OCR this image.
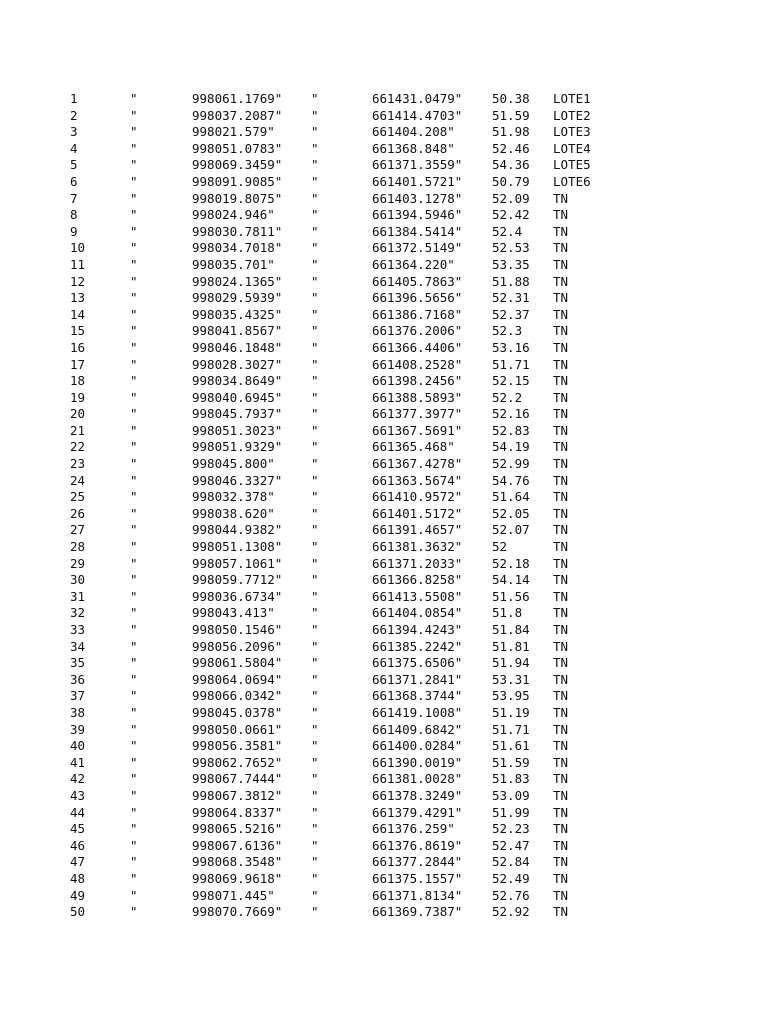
1	"	998061.1769" "	661431.0479" 50.38 LOTE1
2	"	998037.2087" "	661414.4703" 51.59 LOTE2
3	"	998021.579"	"	661404.208"	51.98 LOTE3
4	"	998051.0783" "	661368.848"	52.46 LOTE4
5	"	998069.3459" "	661371.3559" 54.36 LOTE5
6	"	998091.9085" "	661401.5721" 50.79 LOTE6
7	"	998019.8075" "	661403.1278" 52.09 TN
8	"	998024.946"	"	661394.5946" 52.42 TN
9	"	998030.7811" "	661384.5414" 52.4 TN
10	"	998034.7018" "	661372.5149" 52.53 TN
11	"	998035.701"	"	661364.220"	53.35 TN
12	"	998024.1365" "	661405.7863" 51.88 TN
13	"	998029.5939" "	661396.5656" 52.31 TN
14	"	998035.4325" "	661386.7168" 52.37 TN
15	"	998041.8567" "	661376.2006" 52.3 TN
16	"	998046.1848" "	661366.4406" 53.16 TN
17	"	998028.3027" "	661408.2528" 51.71 TN
18	"	998034.8649" "	661398.2456" 52.15 TN
19	"	998040.6945" "	661388.5893" 52.2 TN
20	"	998045.7937" "	661377.3977" 52.16 TN
21	"	998051.3023" "	661367.5691" 52.83 TN
22	"	998051.9329" "	661365.468"	54.19 TN
23	"	998045.800"	"	661367.4278" 52.99 TN
24	"	998046.3327" "	661363.5674" 54.76 TN
25	"	998032.378"	"	661410.9572" 51.64 TN
26	"	998038.620"	"	661401.5172" 52.05 TN
27	"	998044.9382" "	661391.4657" 52.07 TN
28	"	998051.1308" "	661381.3632" 52	TN
29	"	998057.1061" "	661371.2033" 52.18 TN
30	"	998059.7712" "	661366.8258" 54.14 TN
31	"	998036.6734" "	661413.5508" 51.56 TN
32	"	998043.413"	"	661404.0854" 51.8 TN
33	"	998050.1546" "	661394.4243" 51.84 TN
34	"	998056.2096" "	661385.2242" 51.81 TN
35	"	998061.5804" "	661375.6506" 51.94 TN
36	"	998064.0694" "	661371.2841" 53.31 TN
37	"	998066.0342" "	661368.3744" 53.95 TN
38	"	998045.0378" "	661419.1008" 51.19 TN
39	"	998050.0661" "	661409.6842" 51.71 TN
40	"	998056.3581" "	661400.0284" 51.61 TN
41	"	998062.7652" "	661390.0019" 51.59 TN
42	"	998067.7444" "	661381.0028" 51.83 TN
43	"	998067.3812" "	661378.3249" 53.09 TN
44	"	998064.8337" "	661379.4291" 51.99 TN
45	"	998065.5216" "	661376.259"	52.23 TN
46	"	998067.6136" "	661376.8619" 52.47 TN
47	"	998068.3548" "	661377.2844" 52.84 TN
48	"	998069.9618" "	661375.1557" 52.49 TN
49	"	998071.445"	"	661371.8134" 52.76 TN
50	"	998070.7669" "	661369.7387" 52.92 TN
